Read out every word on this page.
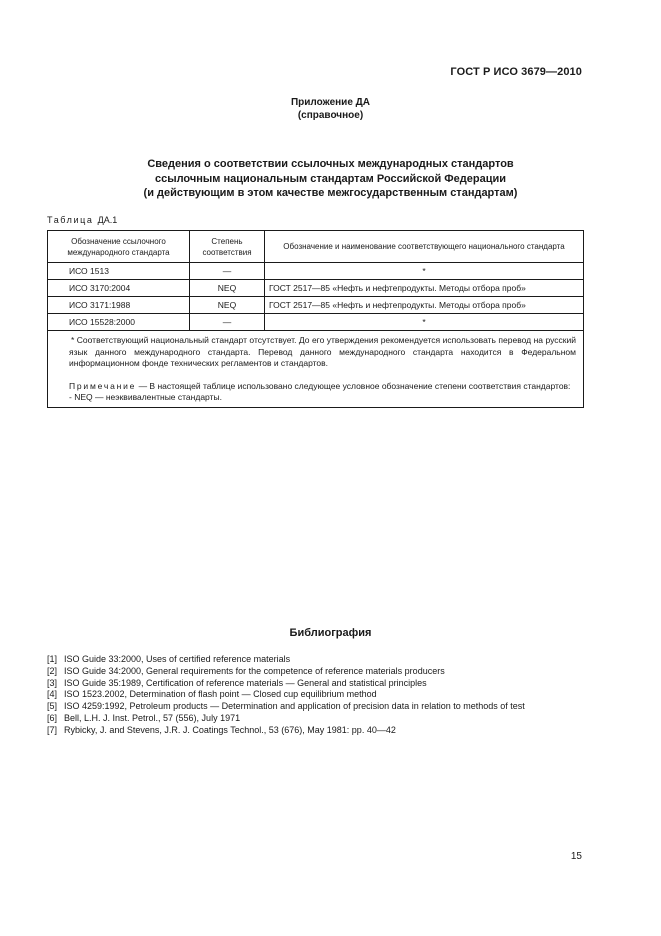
ГОСТ Р ИСО 3679—2010
Приложение ДА
(справочное)
Сведения о соответствии ссылочных международных стандартов
ссылочным национальным стандартам Российской Федерации
(и действующим в этом качестве межгосударственным стандартам)
Таблица ДА.1
Обозначение ссылочного международного стандарта	Степень соответствия	Обозначение и наименование соответствующего национального стандарта
ИСО 1513	—	*
ИСО 3170:2004	NEQ	ГОСТ 2517—85 «Нефть и нефтепродукты. Методы отбора проб»
ИСО 3171:1988	NEQ	ГОСТ 2517—85 «Нефть и нефтепродукты. Методы отбора проб»
ИСО 15528:2000	—	*

* Соответствующий национальный стандарт отсутствует. До его утверждения рекомендуется использовать перевод на русский язык данного международного стандарта. Перевод данного международного стандарта находится в Федеральном информационном фонде технических регламентов и стандартов.

Примечание — В настоящей таблице использовано следующее условное обозначение степени соответствия стандартов:

- NEQ — неэквивалентные стандарты.		

Библиография
[1] ISO Guide 33:2000, Uses of certified reference materials
[2] ISO Guide 34:2000, General requirements for the competence of reference materials producers
[3] ISO Guide 35:1989, Certification of reference materials — General and statistical principles
[4] ISO 1523.2002, Determination of flash point — Closed cup equilibrium method
[5] ISO 4259:1992, Petroleum products — Determination and application of precision data in relation to methods of test
[6] Bell, L.H. J. Inst. Petrol., 57 (556), July 1971
[7] Rybicky, J. and Stevens, J.R. J. Coatings Technol., 53 (676), May 1981: pp. 40—42
15
